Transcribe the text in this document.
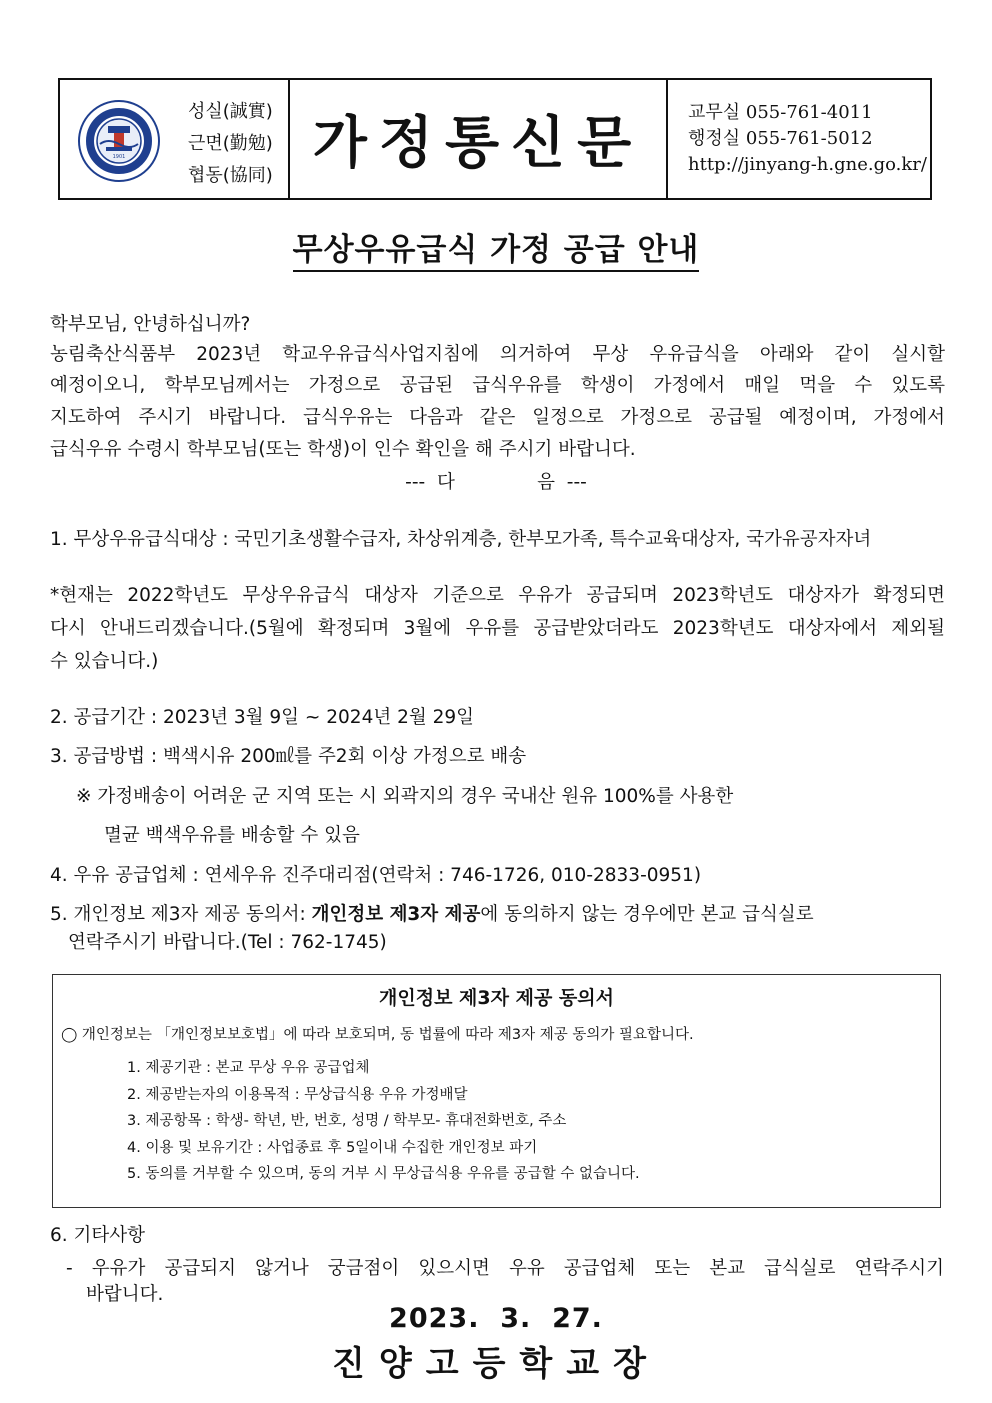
1901
성실(誠實)
근면(勤勉)
협동(協同) 가정통신문 교무실 055-761-4011
행정실 055-761-5012
http://jinyang-h.gne.go.kr/
무상우유급식 가정 공급 안내
학부모님, 안녕하십니까?
농림축산식품부 2023년 학교우유급식사업지침에 의거하여 무상 우유급식을 아래와 같이 실시할
예정이오니, 학부모님께서는 가정으로 공급된 급식우유를 학생이 가정에서 매일 먹을 수 있도록
지도하여 주시기 바랍니다. 급식우유는 다음과 같은 일정으로 가정으로 공급될 예정이며, 가정에서
급식우유 수령시 학부모님(또는 학생)이 인수 확인을 해 주시기 바랍니다.
---  다              음  ---
1. 무상우유급식대상 : 국민기초생활수급자, 차상위계층, 한부모가족, 특수교육대상자, 국가유공자자녀
*현재는 2022학년도 무상우유급식 대상자 기준으로 우유가 공급되며 2023학년도 대상자가 확정되면
다시 안내드리겠습니다.(5월에 확정되며 3월에 우유를 공급받았더라도 2023학년도 대상자에서 제외될
수 있습니다.)
2. 공급기간 : 2023년 3월 9일 ~ 2024년 2월 29일
3. 공급방법 : 백색시유 200㎖를 주2회 이상 가정으로 배송
※ 가정배송이 어려운 군 지역 또는 시 외곽지의 경우 국내산 원유 100%를 사용한
멸균 백색우유를 배송할 수 있음
4. 우유 공급업체 : 연세우유 진주대리점(연락처 : 746-1726, 010-2833-0951)
5. 개인정보 제3자 제공 동의서: 개인정보 제3자 제공에 동의하지 않는 경우에만 본교 급식실로
연락주시기 바랍니다.(Tel : 762-1745)
개인정보 제3자 제공 동의서
◯ 개인정보는 「개인정보보호법」에 따라 보호되며, 동 법률에 따라 제3자 제공 동의가 필요합니다.
1. 제공기관 : 본교 무상 우유 공급업체
2. 제공받는자의 이용목적 : 무상급식용 우유 가정배달
3. 제공항목 : 학생- 학년, 반, 번호, 성명 / 학부모- 휴대전화번호, 주소
4. 이용 및 보유기간 : 사업종료 후 5일이내 수집한 개인정보 파기
5. 동의를 거부할 수 있으며, 동의 거부 시 무상급식용 우유를 공급할 수 없습니다.
6. 기타사항
- 우유가 공급되지 않거나 궁금점이 있으시면 우유 공급업체 또는 본교 급식실로 연락주시기
바랍니다.
2023.  3.  27.
진양고등학교장
